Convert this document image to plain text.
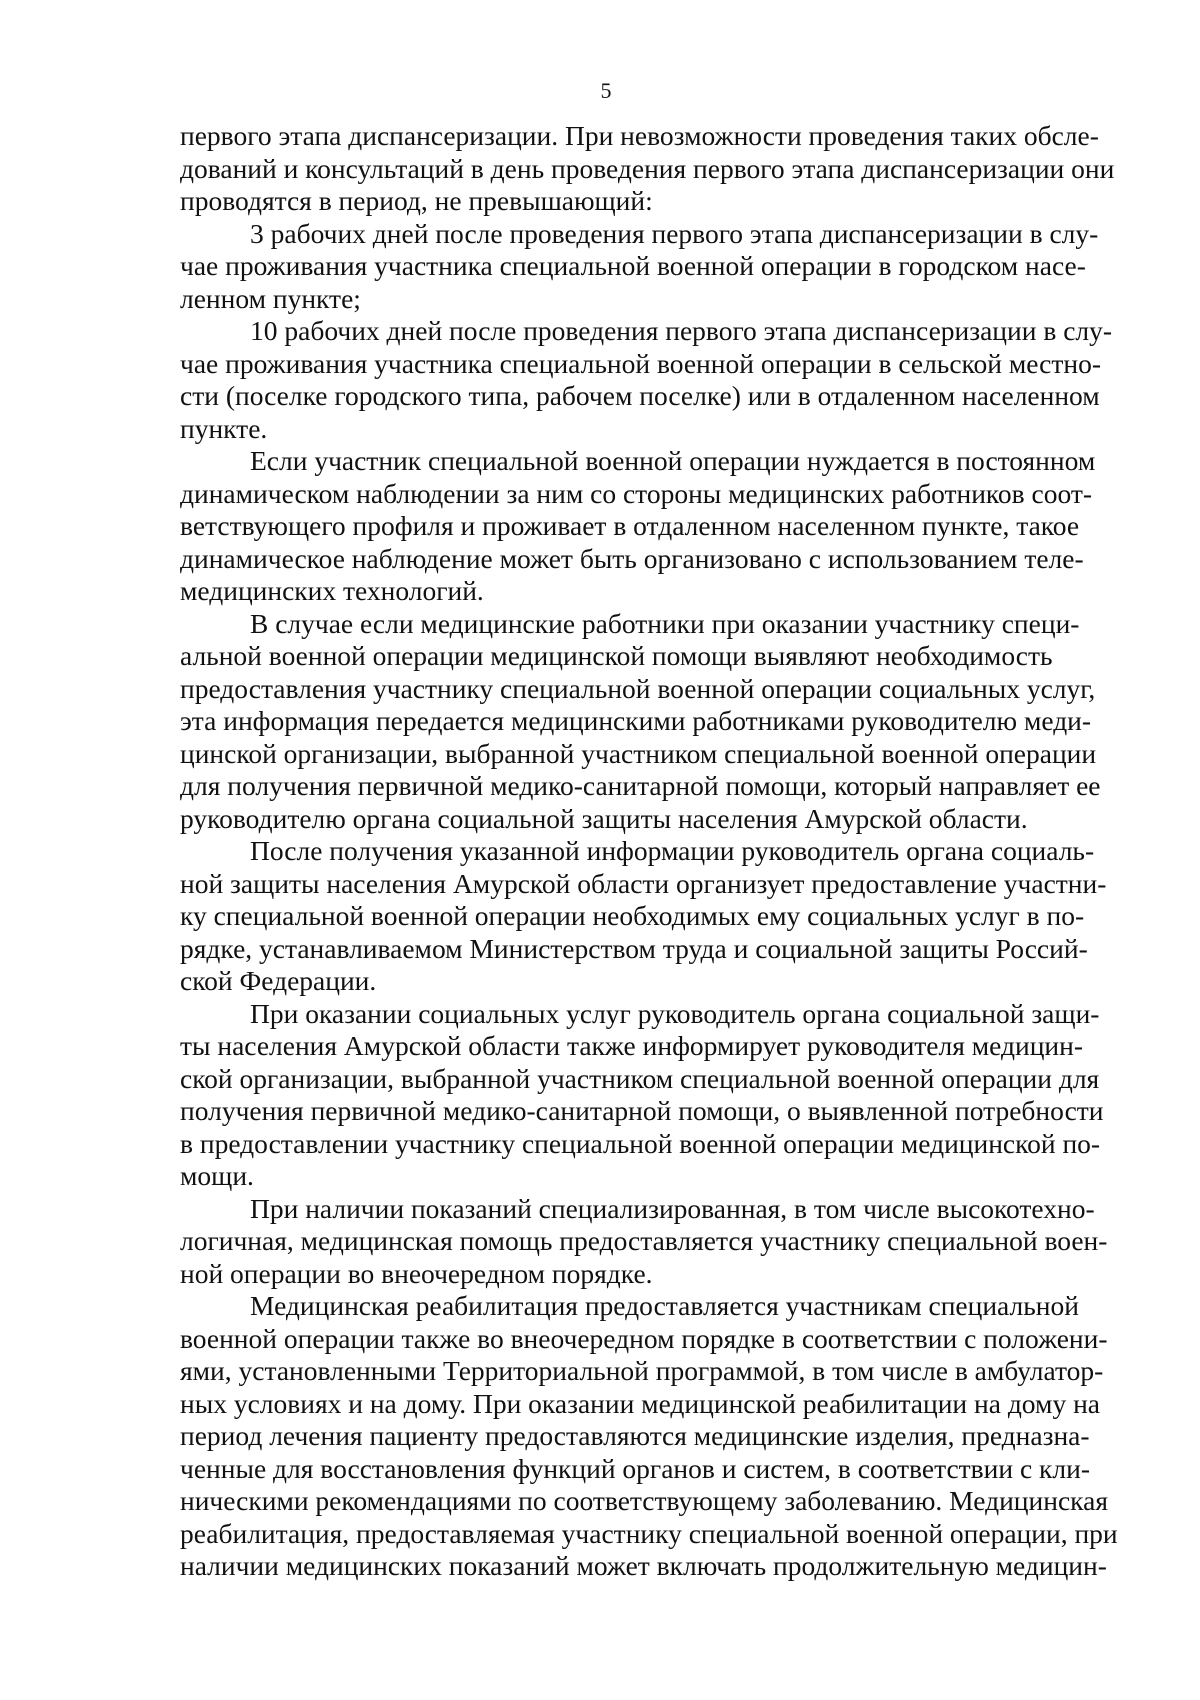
5

первого этапа диспансеризации. При невозможности проведения таких обсле-
дований и консультаций в день проведения первого этапа диспансеризации они
проводятся в период, не превышающий:

3 рабочих дней после проведения первого этапа диспансеризации в слу-
чае проживания участника специальной военной операции в городском насе-
ленном пункте;

10 рабочих дней после проведения первого этапа диспансеризации в слу-
чае проживания участника специальной военной операции в сельской местно-
сти (поселке городского типа, рабочем поселке) или в отдаленном населенном
пункте.

Если участник специальной военной операции нуждается в постоянном
динамическом наблюдении за ним со стороны медицинских работников соот-
ветствующего профиля и проживает в отдаленном населенном пункте, такое
динамическое наблюдение может быть организовано с использованием теле-
медицинских технологий.

В случае если медицинские работники при оказании участнику специ-
альной военной операции медицинской помощи выявляют необходимость
предоставления участнику специальной военной операции социальных услуг,
эта информация передается медицинскими работниками руководителю меди-
цинской организации, выбранной участником специальной военной операции
для получения первичной медико-санитарной помощи, который направляет ее
руководителю органа социальной защиты населения Амурской области.

После получения указанной информации руководитель органа социаль-
ной защиты населения Амурской области организует предоставление участни-
ку специальной военной операции необходимых ему социальных услуг в по-
рядке, устанавливаемом Министерством труда и социальной защиты Россий-
ской Федерации.

При оказании социальных услуг руководитель органа социальной защи-
ты населения Амурской области также информирует руководителя медицин-
ской организации, выбранной участником специальной военной операции для
получения первичной медико-санитарной помощи, о выявленной потребности
в предоставлении участнику специальной военной операции медицинской по-
мощи.

При наличии показаний специализированная, в том числе высокотехно-
логичная, медицинская помощь предоставляется участнику специальной воен-
ной операции во внеочередном порядке.

Медицинская реабилитация предоставляется участникам специальной
военной операции также во внеочередном порядке в соответствии с положени-
ями, установленными Территориальной программой, в том числе в амбулатор-
ных условиях и на дому. При оказании медицинской реабилитации на дому на
период лечения пациенту предоставляются медицинские изделия, предназна-
ченные для восстановления функций органов и систем, в соответствии с кли-
ническими рекомендациями по соответствующему заболеванию. Медицинская
реабилитация, предоставляемая участнику специальной военной операции, при
наличии медицинских показаний может включать продолжительную медицин-
